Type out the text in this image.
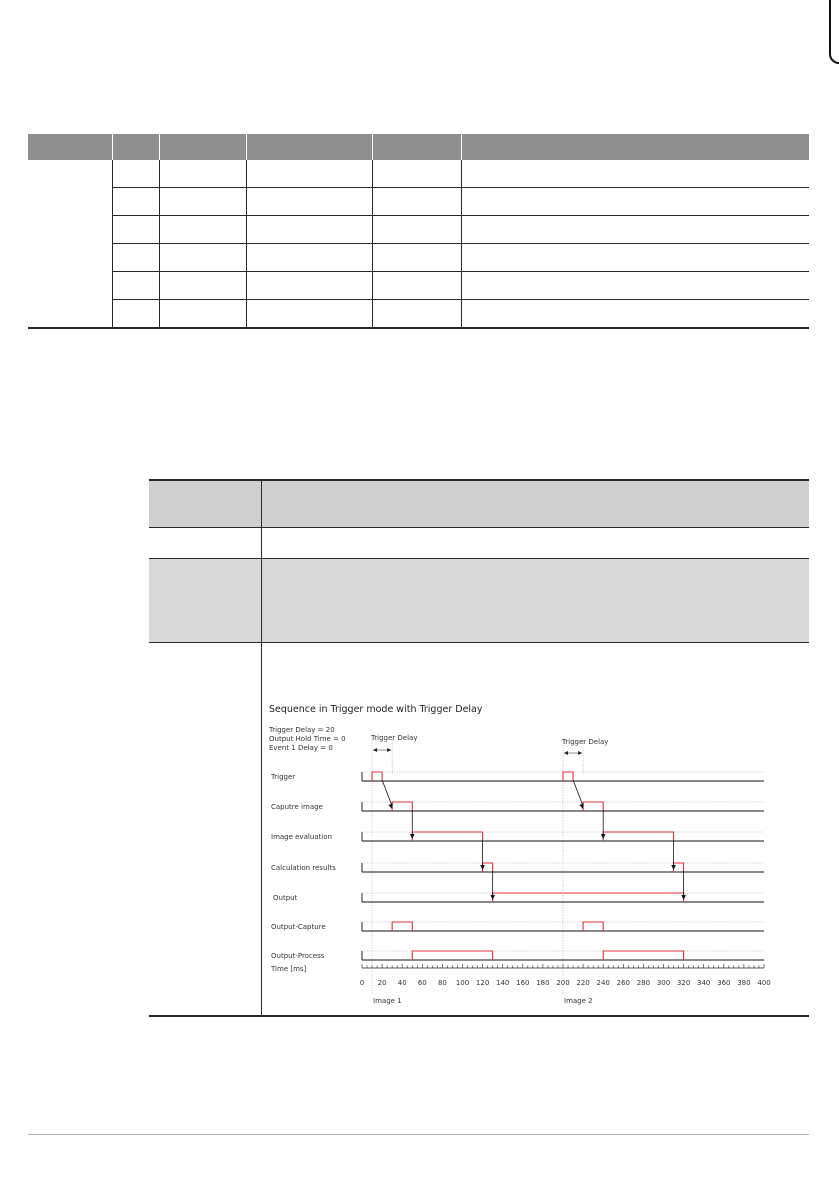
Sequence in Trigger mode with Trigger Delay
Trigger Delay = 20
Output Hold Time = 0
Event 1 Delay = 0
Trigger Delay	Trigger Delay
Trigger
Caputre image
Image evaluation
Calculation results
Output
Output-Capture
Output-Process
Time [ms]
0 20 40 60 80 100 120 140 160 180 200 220 240 260 280 300 320 340 360 380 400
Image 1	Image 2
